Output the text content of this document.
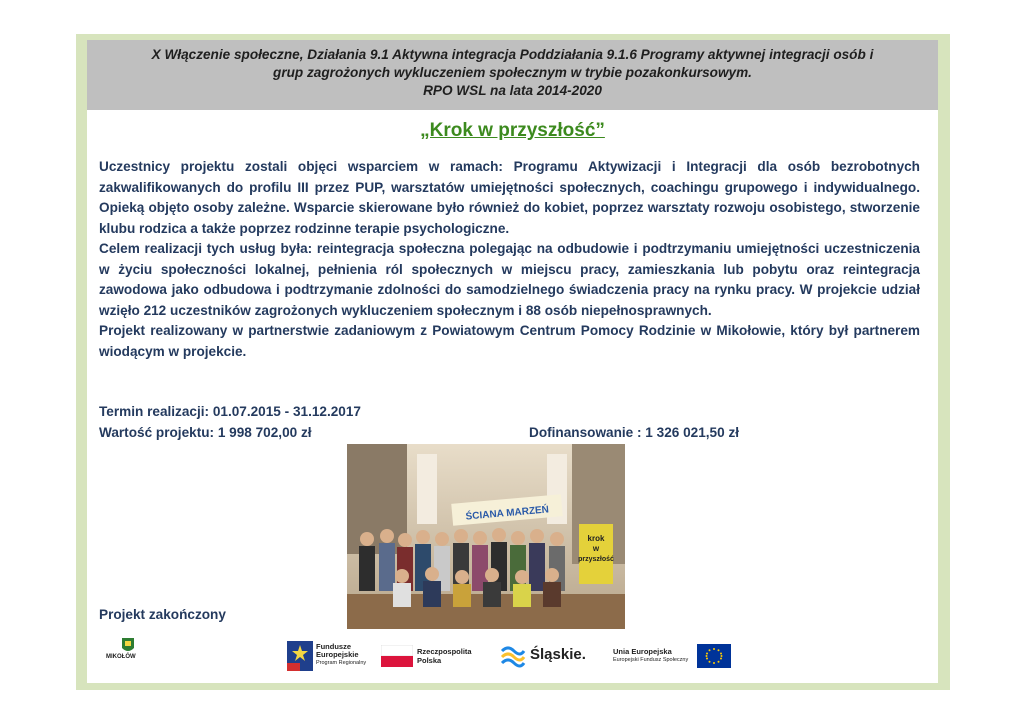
X Włączenie społeczne, Działania 9.1 Aktywna integracja Poddziałania 9.1.6 Programy aktywnej integracji osób i
grup zagrożonych wykluczeniem społecznym w trybie pozakonkursowym.
RPO WSL na lata 2014-2020
„Krok w przyszłość”

Uczestnicy projektu zostali objęci wsparciem w ramach: Programu Aktywizacji i Integracji dla osób bezrobotnych zakwalifikowanych do profilu III przez PUP, warsztatów umiejętności społecznych, coachingu grupowego i indywidualnego. Opieką objęto osoby zależne. Wsparcie skierowane było również do kobiet, poprzez warsztaty rozwoju osobistego, stworzenie klubu rodzica a także poprzez rodzinne terapie psychologiczne.

Celem realizacji tych usług była: reintegracja społeczna polegając na odbudowie i podtrzymaniu umiejętności uczestniczenia w życiu społeczności lokalnej, pełnienia ról społecznych w miejscu pracy, zamieszkania lub pobytu oraz reintegracja zawodowa jako odbudowa i podtrzymanie zdolności do samodzielnego świadczenia pracy na rynku pracy. W projekcie udział wzięło 212 uczestników zagrożonych wykluczeniem społecznym i 88 osób niepełnosprawnych.

Projekt realizowany w partnerstwie zadaniowym z Powiatowym Centrum Pomocy Rodzinie w Mikołowie, który był partnerem wiodącym w projekcie.

Termin realizacji: 01.07.2015 - 31.12.2017
Wartość projektu: 1 998 702,00 zł	Dofinansowanie : 1 326 021,50 zł
ŚCIANA MARZEŃ
krok
w
przyszłość
Projekt zakończony
MIKOŁÓW
Fundusze
Europejskie
Program Regionalny
Rzeczpospolita
Polska	Śląskie.	Unia Europejska
Europejski Fundusz Społeczny
